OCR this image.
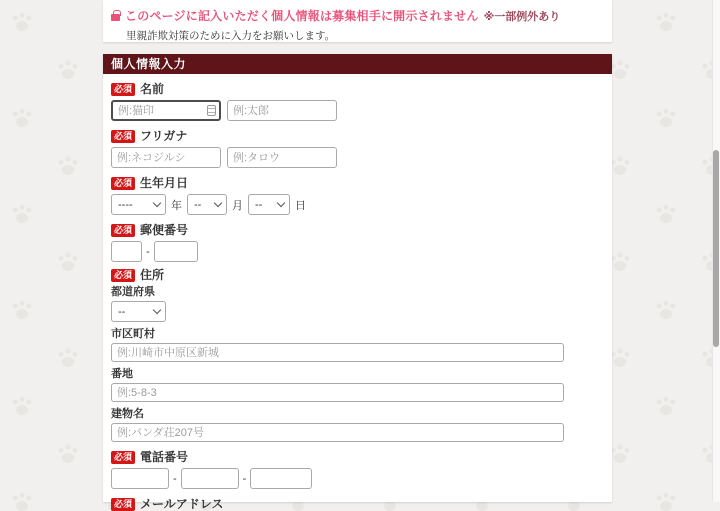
このページに記入いただく個人情報は募集相手に開示されません ※一部例外あり
里親詐欺対策のために入力をお願いします。
個人情報入力
必須 名前
例:猫印
例:太郎
必須 フリガナ
例:ネコジルシ
例:タロウ
必須 生年月日
----	年 --	月 --	日
必須 郵便番号
-
必須 住所
都道府県
--
市区町村
例:川崎市中原区新城
番地
例:5-8-3
建物名
例:パンダ荘207号
必須 電話番号
-	-
必須 メールアドレス
